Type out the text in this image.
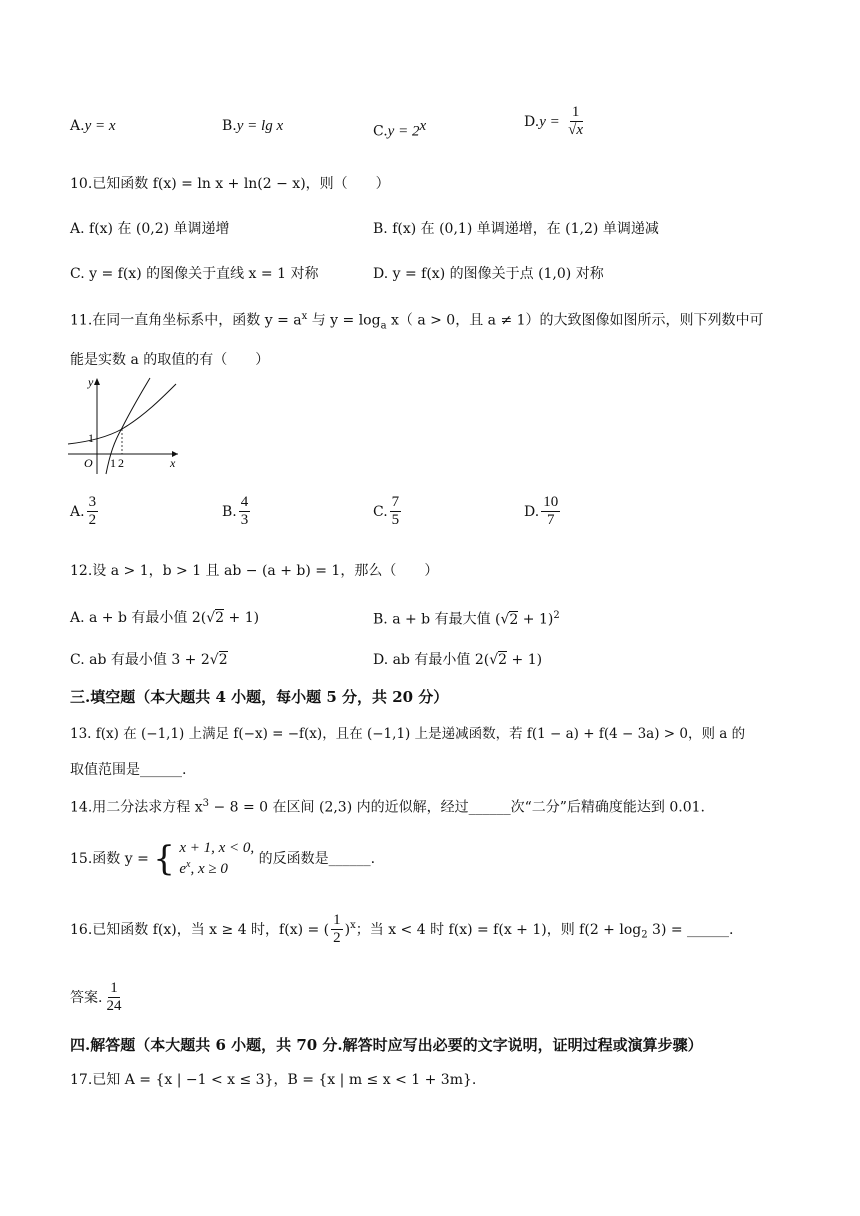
A.y = x	B.y = lg x	$C.y = 2^x$	$D.y = \frac{1}{√x}$
10.已知函数 f(x) = ln x + ln(2 − x)，则（　　）
A. f(x) 在 (0,2) 单调递增	B. f(x) 在 (0,1) 单调递增，在 (1,2) 单调递减
C. y = f(x) 的图像关于直线 x = 1 对称	D. y = f(x) 的图像关于点 (1,0) 对称
11.在同一直角坐标系中，函数 $y = a^x$ 与 $y = \log_a x$（ a > 0，且 a ≠ 1）的大致图像如图所示，则下列数中可
能是实数 a 的取值的有（　　）
y
x
O
1
1 2
A. $\frac{3}{2}$	B. $\frac{4}{3}$	C. $\frac{7}{5}$	D. $\frac{10}{7}$
12.设 a > 1，b > 1 且 ab − (a + b) = 1，那么（　　）
A. a + b 有最小值 2(√2 + 1)	B. a + b 有最大值 $(√2 + 1)^2$
C. ab 有最小值 3 + 2√2	D. ab 有最小值 2(√2 + 1)
三.填空题（本大题共 4 小题，每小题 5 分，共 20 分）
13. f(x) 在 (−1,1) 上满足 f(−x) = −f(x)，且在 (−1,1) 上是递减函数，若 f(1 − a) + f(4 − 3a) > 0，则 a 的
取值范围是______.
14.用二分法求方程 $x^3 - 8 = 0$ 在区间 (2,3) 内的近似解，经过______次“二分”后精确度能达到 0.01.
15.函数 y = { x + 1, x < 0,
$e^x$, x ≥ 0
的反函数是______.
16.已知函数 f(x)，当 x ≥ 4 时，f(x) = ( $\frac{1}{2} )^x$；当 x < 4 时 f(x) = f(x + 1)，则 $f(2 + \log_2 3)$ = ______.
答案. $\frac{1}{24}$
四.解答题（本大题共 6 小题，共 70 分.解答时应写出必要的文字说明，证明过程或演算步骤）
17.已知 A = {x | −1 < x ≤ 3}，B = {x | m ≤ x < 1 + 3m}.
